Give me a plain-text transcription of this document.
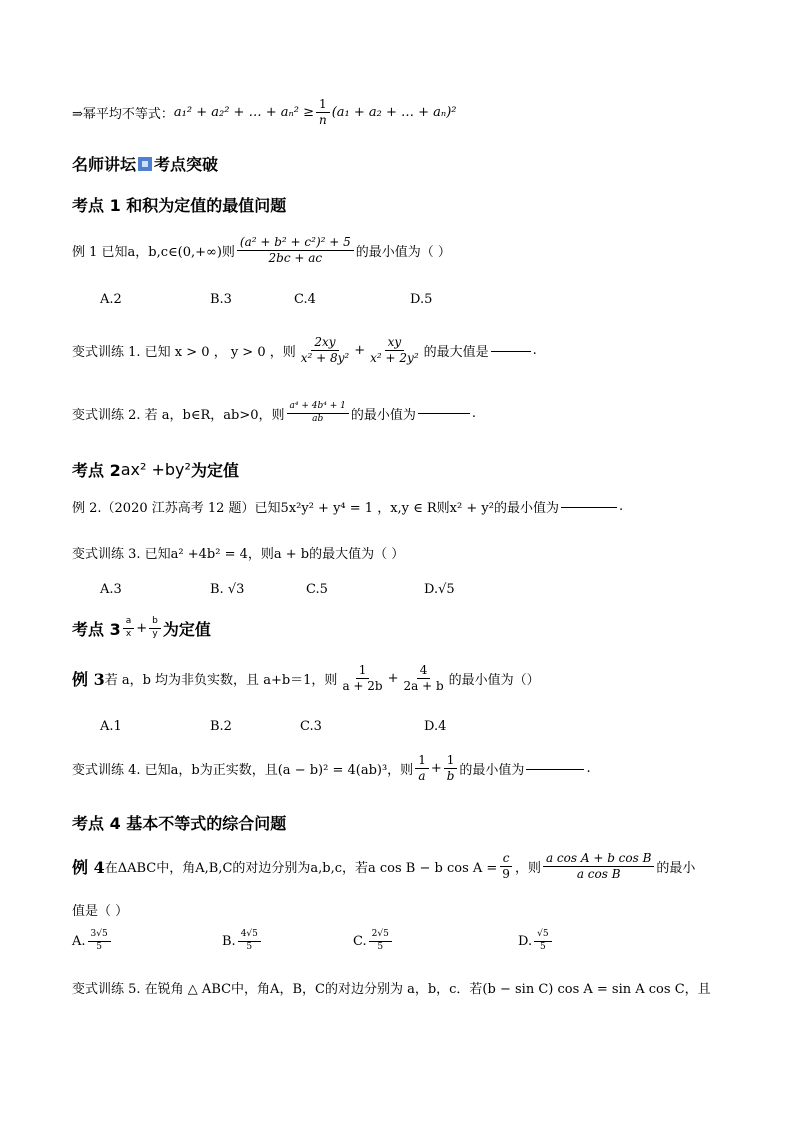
⇒幂平均不等式： a₁² + a₂² + … + $a_n^2 \ge \frac{1}{n} (a_1 + a_2$ + … + aₙ)²
名师讲坛 考点突破
考点 1 和积为定值的最值问题
例 1 已知a，b,c∈(0,+∞)则 $\frac{\text{(a² + b² + c²)² + 5}}{2bc + ac}$ 的最小值为（ ）
A.2	B.3	C.4	D.5
变式训练 1. 已知 x > 0 ， y > 0 ，则 $\frac{2xy}{\text{x² + 8y²}} + \frac{xy}{\text{x² + 2y²}}$ 的最大值是	.
变式训练 2. 若 a，b∈R，ab>0，则 $\frac{\text{a⁴ + 4b⁴ + 1}}{ab}$ 的最小值为	.
考点 2 ax² +by² 为定值
例 2.（2020 江苏高考 12 题）已知5x²y² + y⁴ = 1 ，x,y ∈ R则x² + y²的最小值为	.
变式训练 3. 已知a² +4b² = 4，则a + b的最大值为（ ）
A.3	B. √3	C.5	D.√5
考点 $3 \frac{a}{x} + \frac{b}{y}$ 为定值
例 3 若 a，b 均为非负实数，且 a+b＝1，则 $\frac{1}{a + 2b} + \frac{4}{2a + b}$ 的最小值为（）
A.1	B.2	C.3	D.4
变式训练 4. 已知a，b为正实数，且(a − b)² = 4(ab)³，则 $\frac{1}{a} + \frac{1}{b}$ 的最小值为	.
考点 4 基本不等式的综合问题
例 4 在ΔABC中，角A,B,C的对边分别为a,b,c，若a cos B − b $\cos A = \frac{c}{9}$ ，则 $\frac{\text{a cos A + b cos B}}{\text{a cos B}}$ 的最小
值是（ ）
A. $\frac{3√5}{5}$	B. $\frac{4√5}{5}$	C. $\frac{2√5}{5}$	D. $\frac{√5}{5}$
变式训练 5. 在锐角 △ ABC中，角A，B，C的对边分别为 a，b，c．若(b − sin C) cos A = sin A cos C，且
